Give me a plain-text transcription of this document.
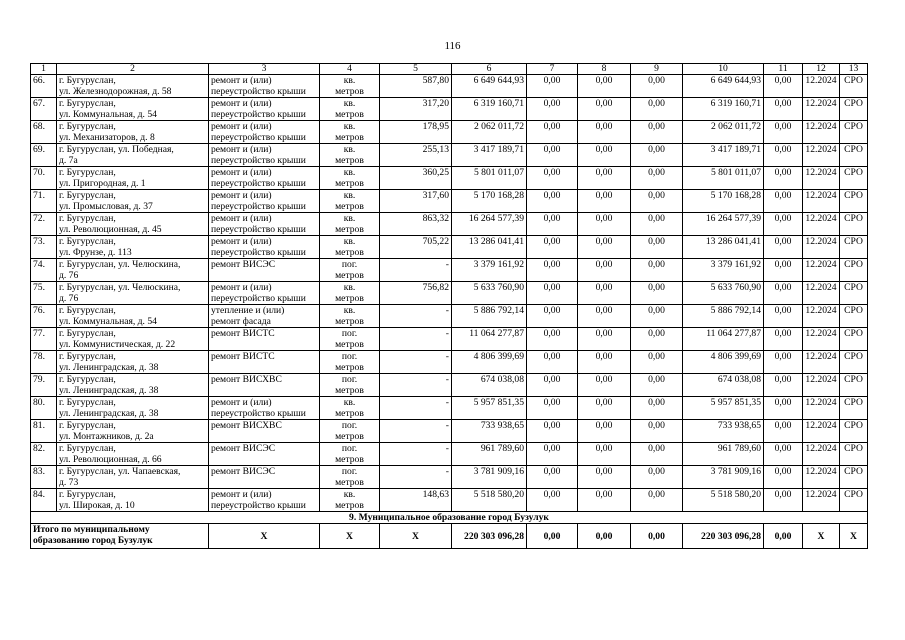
116
1	2	3	4	5	6	7	8	9	10	11	12	13

66.	г. Бугуруслан,
ул. Железнодорожная, д. 58	ремонт и (или)
переустройство крыши	кв.
метров	587,80	6 649 644,93	0,00	0,00	0,00	6 649 644,93	0,00	12.2024	СРО

67.	г. Бугуруслан,
ул. Коммунальная, д. 54	ремонт и (или)
переустройство крыши	кв.
метров	317,20	6 319 160,71	0,00	0,00	0,00	6 319 160,71	0,00	12.2024	СРО

68.	г. Бугуруслан,
ул. Механизаторов, д. 8	ремонт и (или)
переустройство крыши	кв.
метров	178,95	2 062 011,72	0,00	0,00	0,00	2 062 011,72	0,00	12.2024	СРО

69.	г. Бугуруслан, ул. Победная,
д. 7а	ремонт и (или)
переустройство крыши	кв.
метров	255,13	3 417 189,71	0,00	0,00	0,00	3 417 189,71	0,00	12.2024	СРО

70.	г. Бугуруслан,
ул. Пригородная, д. 1	ремонт и (или)
переустройство крыши	кв.
метров	360,25	5 801 011,07	0,00	0,00	0,00	5 801 011,07	0,00	12.2024	СРО

71.	г. Бугуруслан,
ул. Промысловая, д. 37	ремонт и (или)
переустройство крыши	кв.
метров	317,60	5 170 168,28	0,00	0,00	0,00	5 170 168,28	0,00	12.2024	СРО

72.	г. Бугуруслан,
ул. Революционная, д. 45	ремонт и (или)
переустройство крыши	кв.
метров	863,32	16 264 577,39	0,00	0,00	0,00	16 264 577,39	0,00	12.2024	СРО

73.	г. Бугуруслан,
ул. Фрунзе, д. 113	ремонт и (или)
переустройство крыши	кв.
метров	705,22	13 286 041,41	0,00	0,00	0,00	13 286 041,41	0,00	12.2024	СРО

74.	г. Бугуруслан, ул. Челюскина,
д. 76	ремонт ВИСЭС	пог.
метров	-	3 379 161,92	0,00	0,00	0,00	3 379 161,92	0,00	12.2024	СРО

75.	г. Бугуруслан, ул. Челюскина,
д. 76	ремонт и (или)
переустройство крыши	кв.
метров	756,82	5 633 760,90	0,00	0,00	0,00	5 633 760,90	0,00	12.2024	СРО

76.	г. Бугуруслан,
ул. Коммунальная, д. 54	утепление и (или)
ремонт фасада	кв.
метров	-	5 886 792,14	0,00	0,00	0,00	5 886 792,14	0,00	12.2024	СРО

77.	г. Бугуруслан,
ул. Коммунистическая, д. 22	ремонт ВИСТС	пог.
метров	-	11 064 277,87	0,00	0,00	0,00	11 064 277,87	0,00	12.2024	СРО

78.	г. Бугуруслан,
ул. Ленинградская, д. 38	ремонт ВИСТС	пог.
метров	-	4 806 399,69	0,00	0,00	0,00	4 806 399,69	0,00	12.2024	СРО

79.	г. Бугуруслан,
ул. Ленинградская, д. 38	ремонт ВИСХВС	пог.
метров	-	674 038,08	0,00	0,00	0,00	674 038,08	0,00	12.2024	СРО

80.	г. Бугуруслан,
ул. Ленинградская, д. 38	ремонт и (или)
переустройство крыши	кв.
метров	-	5 957 851,35	0,00	0,00	0,00	5 957 851,35	0,00	12.2024	СРО

81.	г. Бугуруслан,
ул. Монтажников, д. 2а	ремонт ВИСХВС	пог.
метров	-	733 938,65	0,00	0,00	0,00	733 938,65	0,00	12.2024	СРО

82.	г. Бугуруслан,
ул. Революционная, д. 66	ремонт ВИСЭС	пог.
метров	-	961 789,60	0,00	0,00	0,00	961 789,60	0,00	12.2024	СРО

83.	г. Бугуруслан, ул. Чапаевская,
д. 73	ремонт ВИСЭС	пог.
метров	-	3 781 909,16	0,00	0,00	0,00	3 781 909,16	0,00	12.2024	СРО

84.	г. Бугуруслан,
ул. Широкая, д. 10	ремонт и (или)
переустройство крыши	кв.
метров	148,63	5 518 580,20	0,00	0,00	0,00	5 518 580,20	0,00	12.2024	СРО

9. Муниципальное образование город Бузулук												

Итого по муниципальному
образованию город Бузулук		X	X	X	220 303 096,28	0,00	0,00	0,00	220 303 096,28	0,00	X	X
